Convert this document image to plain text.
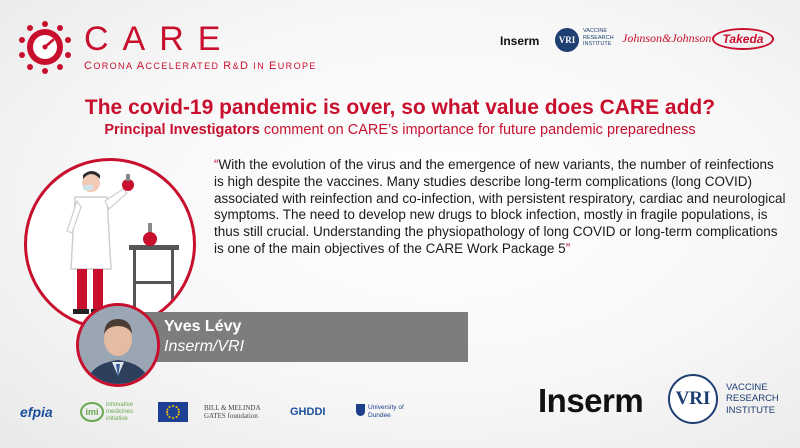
CARE
CORONA ACCELERATED R&D IN EUROPE
Inserm	VRI
VACCINE RESEARCH INSTITUTE Johnson&Johnson Takeda
The covid-19 pandemic is over, so what value does CARE add?
Principal Investigators comment on CARE’s importance for future pandemic preparedness
“With the evolution of the virus and the emergence of new variants, the number of reinfections is high despite the vaccines. Many studies describe long-term complications (long COVID) associated with reinfection and co-infection, with persistent respiratory, cardiac and neurological symptoms. The need to develop new drugs to block infection, mostly in fragile populations, is thus still crucial. Understanding the physiopathology of long COVID or long-term complications is one of the main objectives of the CARE Work Package 5”
Yves Lévy
Inserm/VRI
efpia	imi
innovative medicines initiative
BILL & MELINDA GATES foundation	GHDDI	University of Dundee	Inserm	VRI
VACCINE RESEARCH INSTITUTE
